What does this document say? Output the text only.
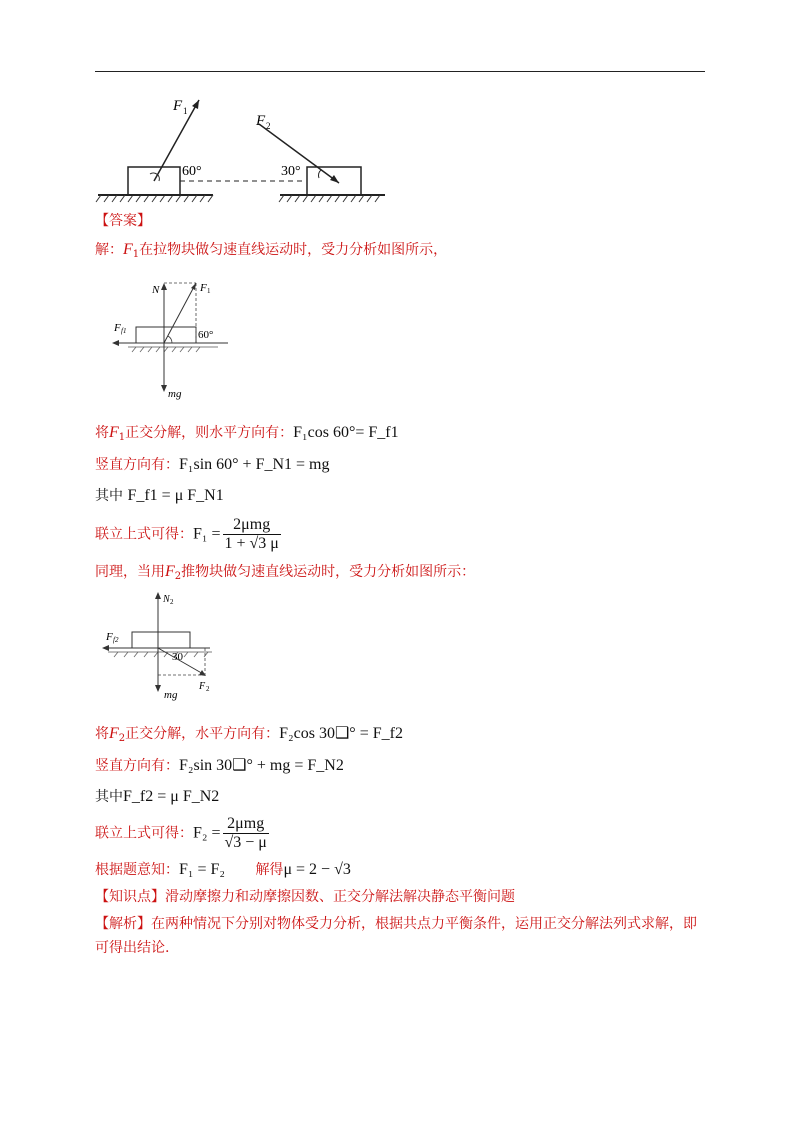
F 1
60°
F 2
30°
【答案】
解：$F_1$在拉物块做匀速直线运动时，受力分析如图所示，
N	F 1
F f1	60°
mg
将$F_1$正交分解，则水平方向有：F₁cos 60°= F_f1
竖直方向有：F₁sin 60° + F_N1 = mg
其中 F_f1 = μ F_N1
联立上式可得：$F_1 = \frac{\text{2μmg}}{1 + √3 \mu}$
同理，当用$F_2$推物块做匀速直线运动时，受力分析如图所示：
N 2
F f2
30
F 2
mg
将$F_2$正交分解，水平方向有：F₂cos 30❑° = F_f2
竖直方向有：F₂sin 30❑° + mg = F_N2
其中F_f2 = μ F_N2
联立上式可得：$F_2 = \frac{\text{2μmg}}{√3 - \mu}$
根据题意知：F₁ = F₂ 解得μ = 2 − √3
【知识点】滑动摩擦力和动摩擦因数、正交分解法解决静态平衡问题
【解析】在两种情况下分别对物体受力分析，根据共点力平衡条件，运用正交分解法列式求解，即可得出结论.
